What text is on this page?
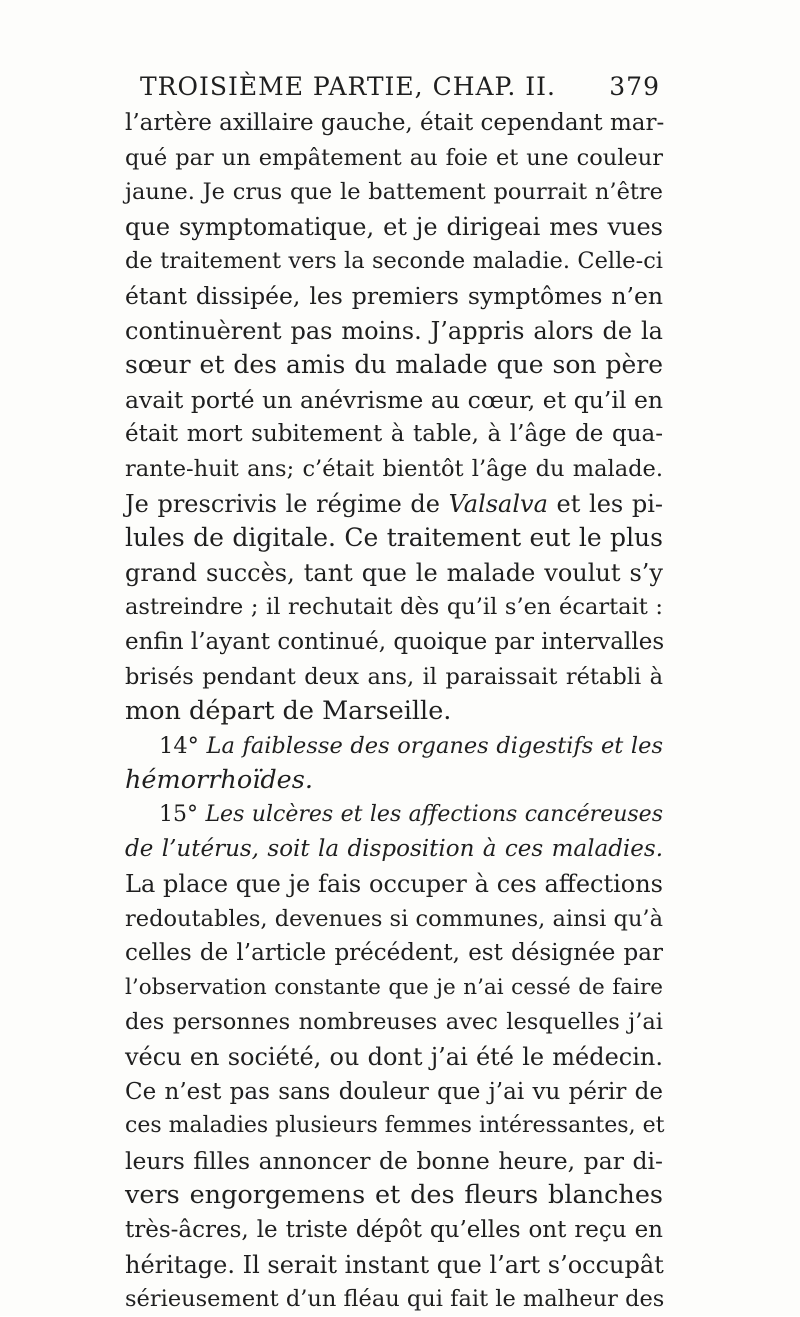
TROISIÈME PARTIE, CHAP. II. 379
l’artère axillaire gauche, était cependant mar-
qué par un empâtement au foie et une couleur
jaune. Je crus que le battement pourrait n’être
que symptomatique, et je dirigeai mes vues
de traitement vers la seconde maladie. Celle-ci
étant dissipée, les premiers symptômes n’en
continuèrent pas moins. J’appris alors de la
sœur et des amis du malade que son père
avait porté un anévrisme au cœur, et qu’il en
était mort subitement à table, à l’âge de qua-
rante-huit ans; c’était bientôt l’âge du malade.
Je prescrivis le régime de Valsalva et les pi-
lules de digitale. Ce traitement eut le plus
grand succès, tant que le malade voulut s’y
astreindre ; il rechutait dès qu’il s’en écartait :
enfin l’ayant continué, quoique par intervalles
brisés pendant deux ans, il paraissait rétabli à
mon départ de Marseille.
14° La faiblesse des organes digestifs et les
hémorrhoïdes.
15° Les ulcères et les affections cancéreuses
de l’utérus, soit la disposition à ces maladies.
La place que je fais occuper à ces affections
redoutables, devenues si communes, ainsi qu’à
celles de l’article précédent, est désignée par
l’observation constante que je n’ai cessé de faire
des personnes nombreuses avec lesquelles j’ai
vécu en société, ou dont j’ai été le médecin.
Ce n’est pas sans douleur que j’ai vu périr de
ces maladies plusieurs femmes intéressantes, et
leurs filles annoncer de bonne heure, par di-
vers engorgemens et des fleurs blanches
très-âcres, le triste dépôt qu’elles ont reçu en
héritage. Il serait instant que l’art s’occupât
sérieusement d’un fléau qui fait le malheur des
